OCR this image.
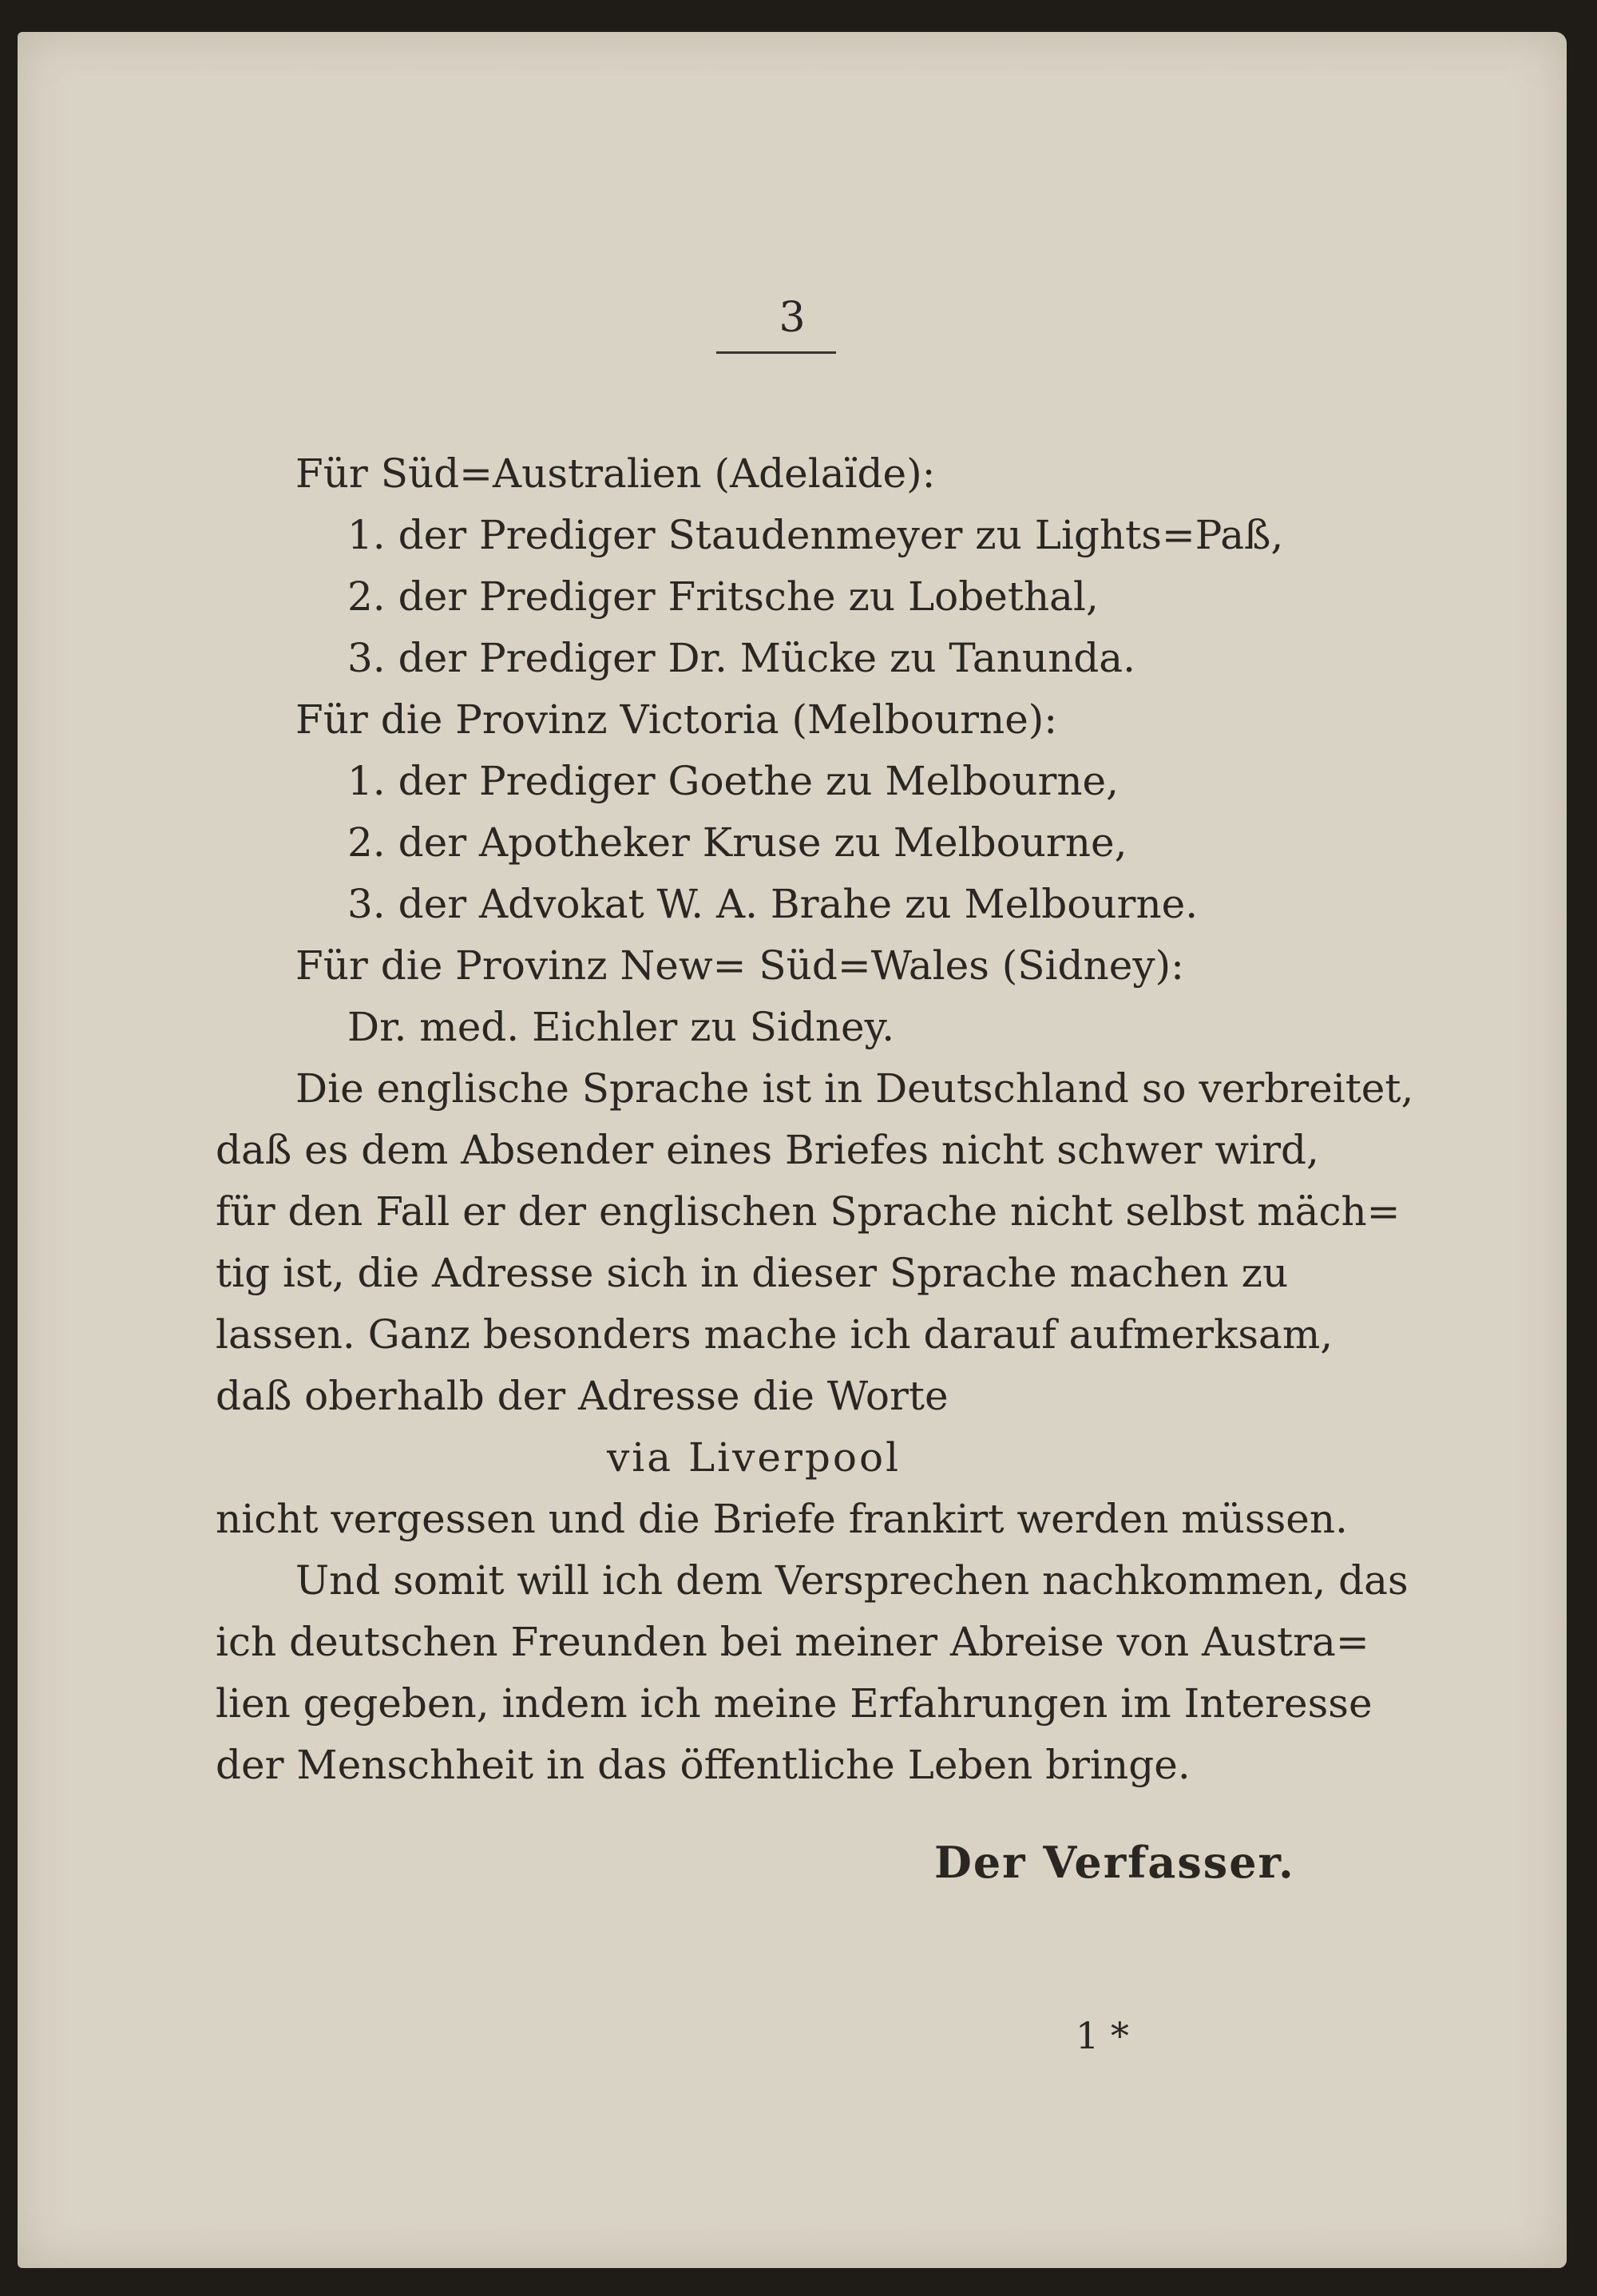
3
Für Süd=Australien (Adelaïde):
1. der Prediger Staudenmeyer zu Lights=Paß,
2. der Prediger Fritsche zu Lobethal,
3. der Prediger Dr. Mücke zu Tanunda.
Für die Provinz Victoria (Melbourne):
1. der Prediger Goethe zu Melbourne,
2. der Apotheker Kruse zu Melbourne,
3. der Advokat W. A. Brahe zu Melbourne.
Für die Provinz New= Süd=Wales (Sidney):
Dr. med. Eichler zu Sidney.
Die englische Sprache ist in Deutschland so verbreitet,
daß es dem Absender eines Briefes nicht schwer wird,
für den Fall er der englischen Sprache nicht selbst mäch=
tig ist, die Adresse sich in dieser Sprache machen zu
lassen. Ganz besonders mache ich darauf aufmerksam,
daß oberhalb der Adresse die Worte
via Liverpool
nicht vergessen und die Briefe frankirt werden müssen.
Und somit will ich dem Versprechen nachkommen, das
ich deutschen Freunden bei meiner Abreise von Austra=
lien gegeben, indem ich meine Erfahrungen im Interesse
der Menschheit in das öffentliche Leben bringe.
Der Verfasser.
1 *
